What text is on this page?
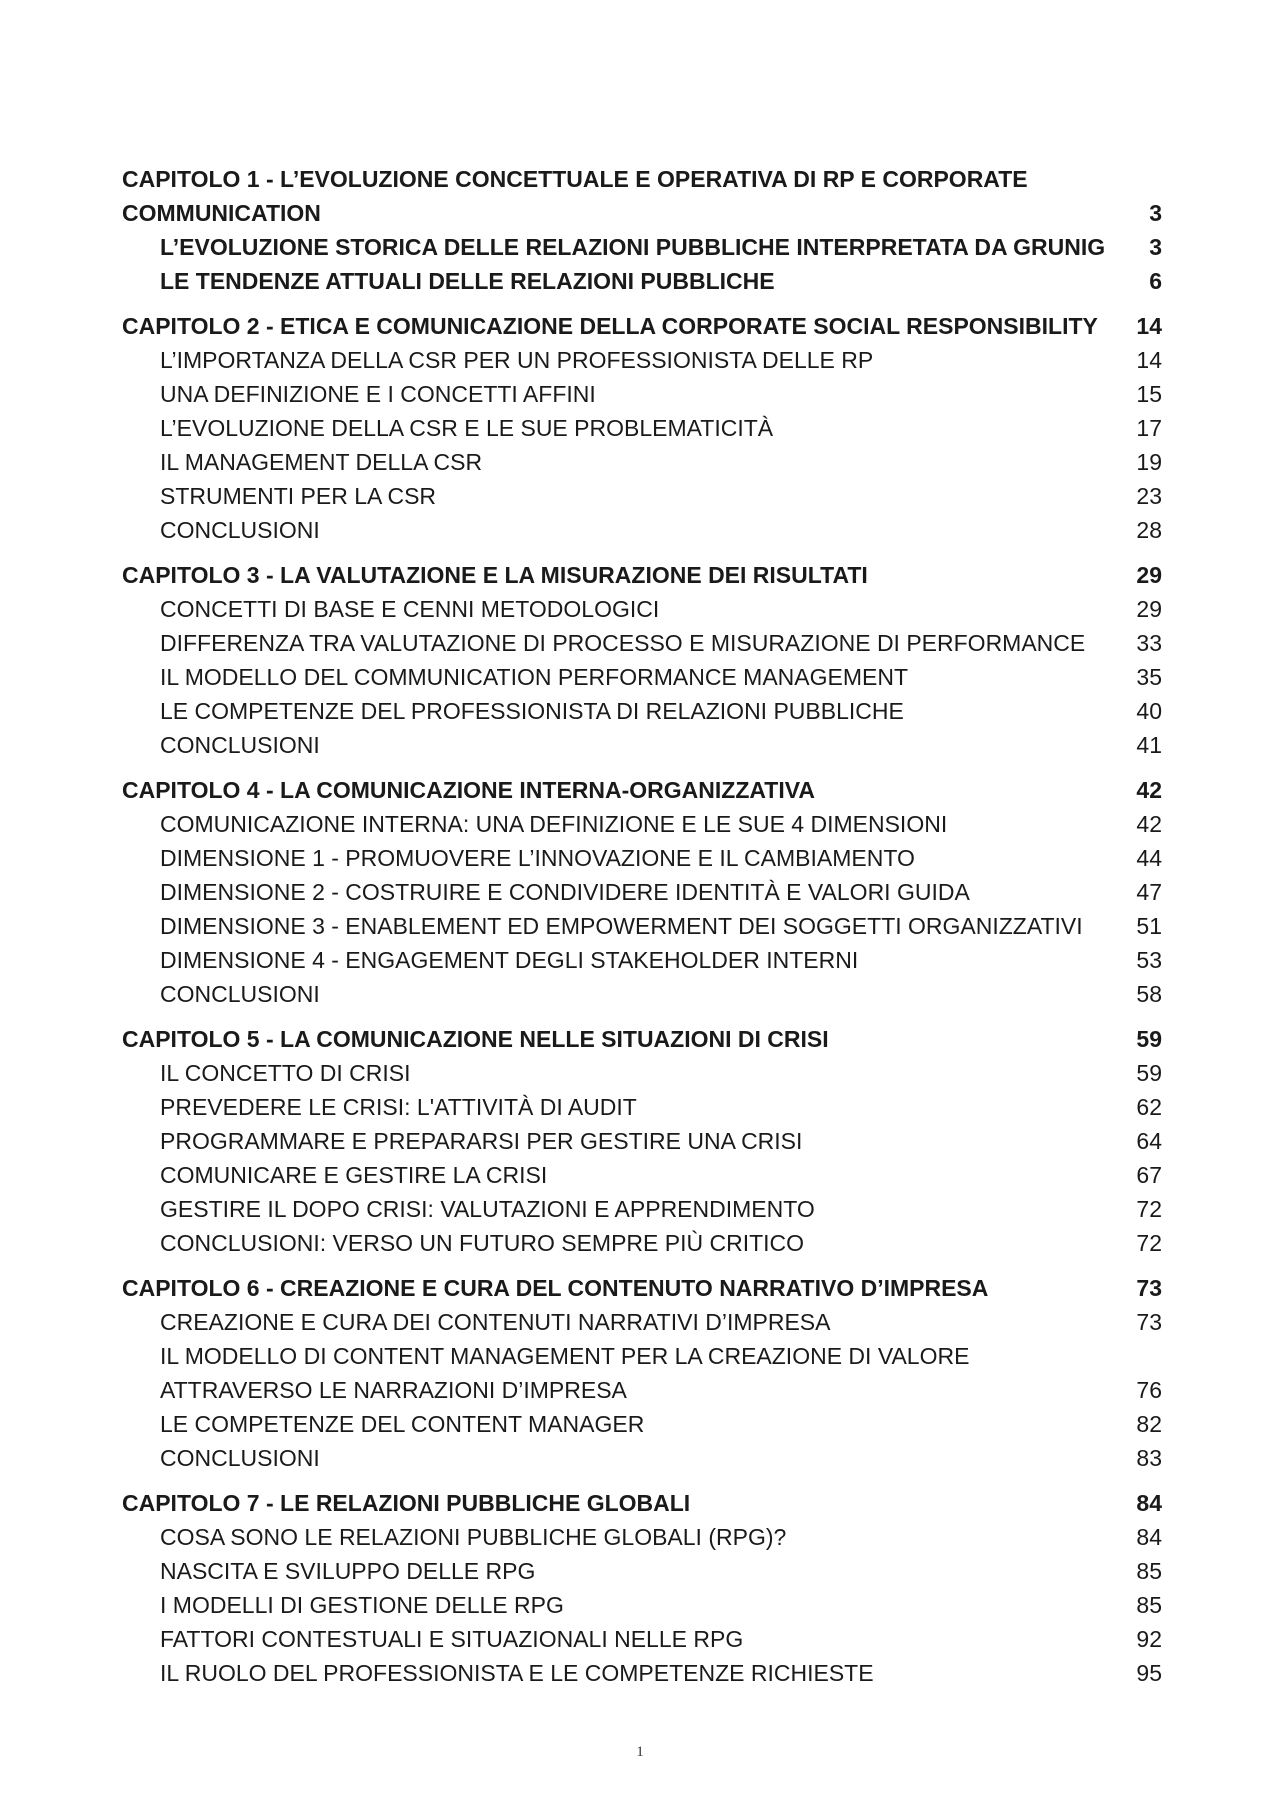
CAPITOLO 1 - L’EVOLUZIONE CONCETTUALE E OPERATIVA DI RP E CORPORATE
COMMUNICATION	3
L’EVOLUZIONE STORICA DELLE RELAZIONI PUBBLICHE INTERPRETATA DA GRUNIG	3
LE TENDENZE ATTUALI DELLE RELAZIONI PUBBLICHE	6
CAPITOLO 2 - ETICA E COMUNICAZIONE DELLA CORPORATE SOCIAL RESPONSIBILITY	14
L’IMPORTANZA DELLA CSR PER UN PROFESSIONISTA DELLE RP	14
UNA DEFINIZIONE E I CONCETTI AFFINI	15
L’EVOLUZIONE DELLA CSR E LE SUE PROBLEMATICITÀ	17
IL MANAGEMENT DELLA CSR	19
STRUMENTI PER LA CSR	23
CONCLUSIONI	28
CAPITOLO 3 - LA VALUTAZIONE E LA MISURAZIONE DEI RISULTATI	29
CONCETTI DI BASE E CENNI METODOLOGICI	29
DIFFERENZA TRA VALUTAZIONE DI PROCESSO E MISURAZIONE DI PERFORMANCE	33
IL MODELLO DEL COMMUNICATION PERFORMANCE MANAGEMENT	35
LE COMPETENZE DEL PROFESSIONISTA DI RELAZIONI PUBBLICHE	40
CONCLUSIONI	41
CAPITOLO 4 - LA COMUNICAZIONE INTERNA-ORGANIZZATIVA	42
COMUNICAZIONE INTERNA: UNA DEFINIZIONE E LE SUE 4 DIMENSIONI	42
DIMENSIONE 1 - PROMUOVERE L’INNOVAZIONE E IL CAMBIAMENTO	44
DIMENSIONE 2 - COSTRUIRE E CONDIVIDERE IDENTITÀ E VALORI GUIDA	47
DIMENSIONE 3 - ENABLEMENT ED EMPOWERMENT DEI SOGGETTI ORGANIZZATIVI	51
DIMENSIONE 4 - ENGAGEMENT DEGLI STAKEHOLDER INTERNI	53
CONCLUSIONI	58
CAPITOLO 5 - LA COMUNICAZIONE NELLE SITUAZIONI DI CRISI	59
IL CONCETTO DI CRISI	59
PREVEDERE LE CRISI: L'ATTIVITÀ DI AUDIT	62
PROGRAMMARE E PREPARARSI PER GESTIRE UNA CRISI	64
COMUNICARE E GESTIRE LA CRISI	67
GESTIRE IL DOPO CRISI: VALUTAZIONI E APPRENDIMENTO	72
CONCLUSIONI: VERSO UN FUTURO SEMPRE PIÙ CRITICO	72
CAPITOLO 6 - CREAZIONE E CURA DEL CONTENUTO NARRATIVO D’IMPRESA	73
CREAZIONE E CURA DEI CONTENUTI NARRATIVI D’IMPRESA	73
IL MODELLO DI CONTENT MANAGEMENT PER LA CREAZIONE DI VALORE
ATTRAVERSO LE NARRAZIONI D’IMPRESA	76
LE COMPETENZE DEL CONTENT MANAGER	82
CONCLUSIONI	83
CAPITOLO 7 - LE RELAZIONI PUBBLICHE GLOBALI	84
COSA SONO LE RELAZIONI PUBBLICHE GLOBALI (RPG)?	84
NASCITA E SVILUPPO DELLE RPG	85
I MODELLI DI GESTIONE DELLE RPG	85
FATTORI CONTESTUALI E SITUAZIONALI NELLE RPG	92
IL RUOLO DEL PROFESSIONISTA E LE COMPETENZE RICHIESTE	95
1
